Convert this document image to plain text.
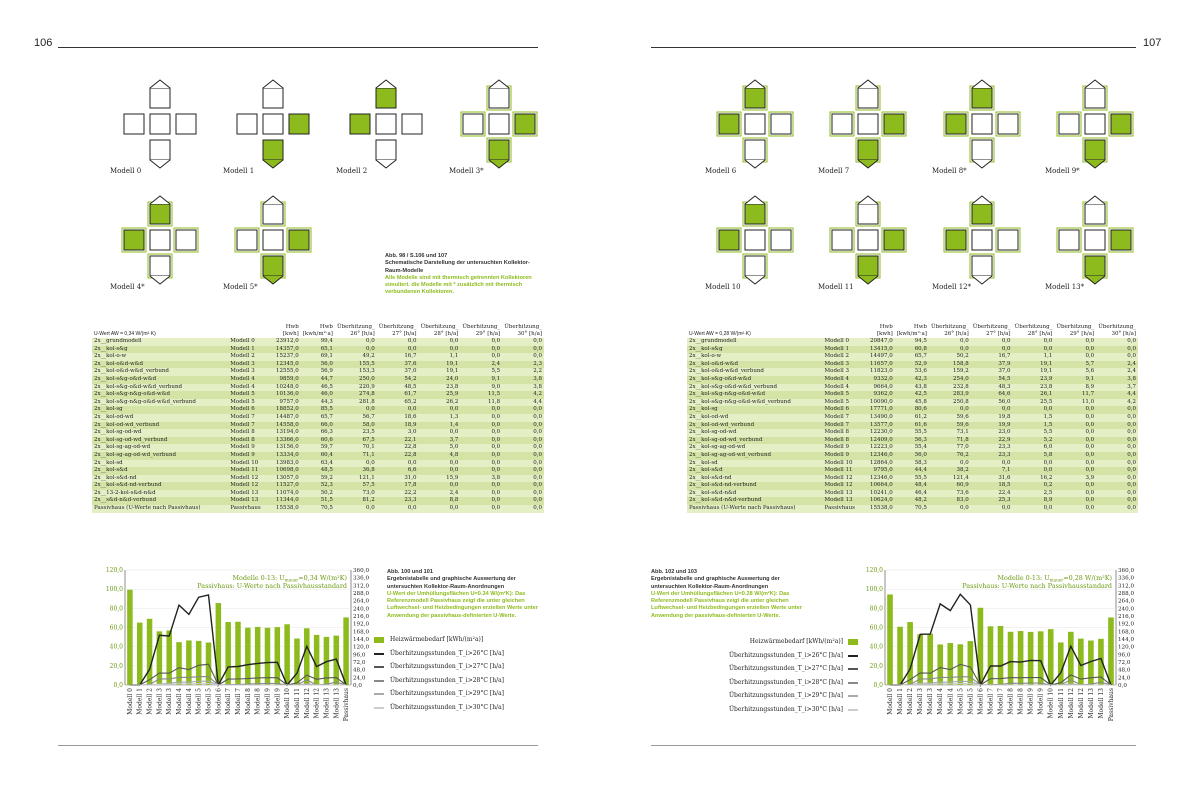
106	107
Modell 0	Modell 1	Modell 2	Modell 3*
Modell 4*	Modell 5*
Modell 6	Modell 7	Modell 8*	Modell 9*
Modell 10	Modell 11	Modell 12*	Modell 13*
Abb. 98 / S.106 und 107
Schematische Darstellung der untersuchten Kollektor-Raum-Modelle
Alle Modelle sind mit thermisch getrennten Kollektoren simuliert. die Modelle mit * zusätzlich mit thermisch verbundenen Kollektoren.
U-Wert AW = 0,34 W/(m²·K)		Hwb [kwh]	Hwb [kwh/m²·a]	Überhitzung_ 26° [h/a]	Überhitzung_ 27° [h/a]	Überhitzung_ 28° [h/a]	Überhitzung_ 29° [h/a]	Überhitzung_ 30° [h/a]
2x__grundmodell	Modell 0	23912,0	99,4	0,0	0,0	0,0	0,0	0,0
2x__kol-s&g	Modell 1	14357,0	65,1	0,0	0,0	0,0	0,0	0,0
2x__kol-o-w	Modell 2	15237,0	69,1	49,2	16,7	1,1	0,0	0,0
2x__kol-o&d-w&d	Modell 3	12345,0	56,0	155,5	37,6	19,1	2,4	2,3
2x__kol-o&d-w&d_verbund	Modell 3	12555,0	56,9	153,3	37,0	19,1	5,5	2,2
2x__kol-s&g-o&d-w&d	Modell 4	9859,0	44,7	250,0	54,2	24,0	9,1	3,8
2x__kol-s&g-o&d-w&d_verbund	Modell 4	10248,0	46,5	220,9	48,5	23,8	9,0	3,8
2x__kol-s&g-n&g-o&d-w&d	Modell 5	10136,0	46,0	274,8	61,7	25,9	11,5	4,2
2x__kol-s&g-n&g-o&d-w&d_verbund	Modell 5	9757,0	44,3	281,8	65,2	26,2	11,8	4,4
2x__kol-sg	Modell 6	18852,0	85,5	0,0	0,0	0,0	0,0	0,0
2x__kol-od-wd	Modell 7	14487,0	65,7	56,7	18,6	1,3	0,0	0,0
2x__kol-od-wd_verbund	Modell 7	14558,0	66,0	58,0	18,9	1,4	0,0	0,0
2x__kol-sg-od-wd	Modell 8	13194,0	66,3	23,5	3,0	0,0	0,0	0,0
2x__kol-sg-od-wd_verbund	Modell 8	13366,0	60,6	67,5	22,1	3,7	0,0	0,0
2x__kol-sg-ag-od-wd	Modell 9	13156,0	59,7	70,1	22,8	5,0	0,0	0,0
2x__kol-sg-ag-od-wd_verbund	Modell 9	13334,0	60,4	71,1	22,8	4,8	0,0	0,0
2x__kol-sd	Modell 10	13983,0	63,4	0,0	0,0	0,0	0,0	0,0
2x__kol-s&d	Modell 11	10698,0	48,5	36,8	6,6	0,0	0,0	0,0
2x__kol-s&d-nd	Modell 12	13057,0	59,2	121,1	31,0	15,9	3,8	0,0
2x__kol-s&d-nd-verbund	Modell 12	11527,0	52,3	57,5	17,8	0,0	0,0	0,0
2x__13-2-kol-s&d-n&d	Modell 13	11074,0	50,2	73,0	22,2	2,4	0,0	0,0
2x__s&d-n&d-verbund	Modell 13	11344,0	51,5	81,2	23,3	8,8	0,0	0,0
Passivhaus (U-Werte nach Passivhaus)	Passivhaus	15538,0	70,5	0,0	0,0	0,0	0,0	0,0
U-Wert AW = 0,28 W/(m²·K)		Hwb [kwh]	Hwb [kwh/m²·a]	Überhitzung_ 26° [h/a]	Überhitzung_ 27° [h/a]	Überhitzung_ 28° [h/a]	Überhitzung_ 29° [h/a]	Überhitzung_ 30° [h/a]
2x__grundmodell	Modell 0	20847,0	94,5	0,0	0,0	0,0	0,0	0,0
2x__kol-s&g	Modell 1	13415,0	60,8	0,0	0,0	0,0	0,0	0,0
2x__kol-o-w	Modell 2	14497,0	65,7	50,2	16,7	1,1	0,0	0,0
2x__kol-o&d-w&d	Modell 3	11657,0	52,9	158,8	37,9	19,1	5,7	2,4
2x__kol-o&d-w&d_verbund	Modell 3	11823,0	53,6	159,2	37,0	19,1	5,6	2,4
2x__kol-s&g-o&d-w&d	Modell 4	9332,0	42,3	254,0	54,5	23,9	9,1	3,8
2x__kol-s&g-o&d-w&d_verbund	Modell 4	9664,0	43,8	232,8	48,3	23,8	8,9	3,7
2x__kol-s&g-n&g-o&d-w&d	Modell 5	9362,0	42,5	283,9	64,6	26,1	11,7	4,4
2x__kol-s&g-n&g-o&d-w&d_verbund	Modell 5	10090,0	45,8	250,8	56,0	25,5	11,0	4,2
2x__kol-sg	Modell 6	17771,0	80,6	0,0	0,0	0,0	0,0	0,0
2x__kol-od-wd	Modell 7	13490,0	61,2	59,6	19,8	1,5	0,0	0,0
2x__kol-od-wd_verbund	Modell 7	13577,0	61,6	59,6	19,9	1,5	0,0	0,0
2x__kol-sg-od-wd	Modell 8	12230,0	55,5	73,1	23,0	5,5	0,0	0,0
2x__kol-sg-od-wd_verbund	Modell 8	12409,0	56,3	71,8	22,9	5,2	0,0	0,0
2x__kol-sg-ag-od-wd	Modell 9	12223,0	55,4	77,0	23,3	6,0	0,0	0,0
2x__kol-sg-ag-od-wd_verbund	Modell 9	12346,0	56,0	76,2	23,3	5,8	0,0	0,0
2x__kol-sd	Modell 10	12864,0	58,3	0,0	0,0	0,0	0,0	0,0
2x__kol-s&d	Modell 11	9795,0	44,4	38,2	7,1	0,0	0,0	0,0
2x__kol-s&d-nd	Modell 12	12346,0	55,5	121,4	31,6	16,2	3,9	0,0
2x__kol-s&d-nd-verbund	Modell 12	10664,0	48,4	60,9	18,5	0,2	0,0	0,0
2x__kol-s&d-n&d	Modell 13	10241,0	46,4	73,6	22,4	2,5	0,0	0,0
2x__kol-s&d-n&d-verbund	Modell 13	10624,0	48,2	83,0	25,3	8,9	0,0	0,0
Passivhaus (U-Werte nach Passivhaus)	Passivhaus	15538,0	70,5	0,0	0,0	0,0	0,0	0,0
Abb. 100 und 101
Ergebnistabelle und graphische Auswertung der untersuchten Kollektor-Raum-Anordnungen
U-Wert der Umhüllungsflächen U=0.34 W/(m²K): Das Referenzmodell Passivhaus zeigt die unter gleichen Luftwechsel- und Heizbedingungen erzielten Werte unter Anwendung der passivhaus-definierten U-Werte.
Abb. 102 und 103
Ergebnistabelle und graphische Auswertung der untersuchten Kollektor-Raum-Anordnungen
U-Wert der Umhüllungsflächen U=0.28 W/(m²K): Das Referenzmodell Passivhaus zeigt die unter gleichen Luftwechsel- und Heizbedingungen erzielten Werte unter Anwendung der passivhaus-definierten U-Werte.
0,0
20,0
40,0
60,0
80,0
100,0
120,0
0,0
24,0
48,0
72,0
96,0
120,0
144,0
168,0
192,0
216,0
240,0
264,0
288,0
312,0
336,0
360,0
Modell 0 Modell 1 Modell 2 Modell 3 Modell 3 Modell 4 Modell 4 Modell 5 Modell 5 Modell 6 Modell 7 Modell 7 Modell 8 Modell 8 Modell 9 Modell 9 Modell 10 Modell 11 Modell 12 Modell 12 Modell 13 Modell 13 Passivhaus
Modelle 0-13: $U_{mauer}=0,34$ W/(m²K)
Passivhaus: U-Werte nach Passivhausstandard
0,0
20,0
40,0
60,0
80,0
100,0
120,0
0,0
24,0
48,0
72,0
96,0
120,0
144,0
168,0
192,0
216,0
240,0
264,0
288,0
312,0
336,0
360,0
Modell 0 Modell 1 Modell 2 Modell 3 Modell 3 Modell 4 Modell 4 Modell 5 Modell 5 Modell 6 Modell 7 Modell 7 Modell 8 Modell 8 Modell 9 Modell 9 Modell 10 Modell 11 Modell 12 Modell 12 Modell 13 Modell 13 Passivhaus
Modelle 0-13: $U_{mauer}=0,28$ W/(m²K)
Passivhaus: U-Werte nach Passivhausstandard
Heizwärmebedarf [kWh/(m²a)]
Überhitzungsstunden_T_i>26°C [h/a]
Überhitzungsstunden_T_i>27°C [h/a]
Überhitzungsstunden_T_i>28°C [h/a]
Überhitzungsstunden_T_i>29°C [h/a]
Überhitzungsstunden_T_i>30°C [h/a]
Heizwärmebedarf [kWh/(m²a)]
Überhitzungsstunden_T_i>26°C [h/a]
Überhitzungsstunden_T_i>27°C [h/a]
Überhitzungsstunden_T_i>28°C [h/a]
Überhitzungsstunden_T_i>29°C [h/a]
Überhitzungsstunden_T_i>30°C [h/a]
